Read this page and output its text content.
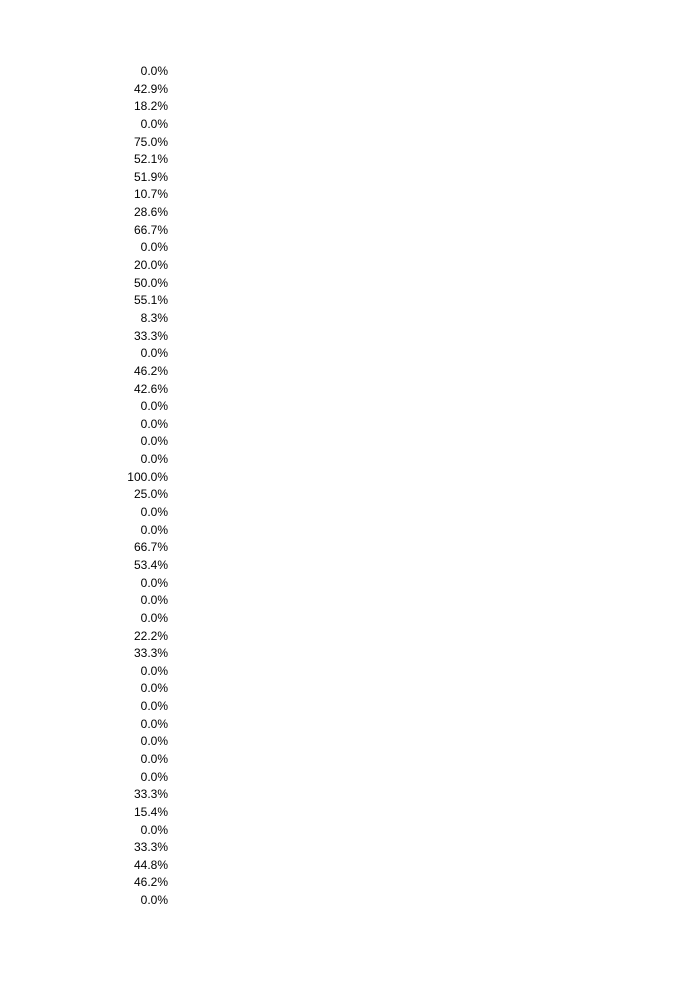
0.0%
42.9%
18.2%
0.0%
75.0%
52.1%
51.9%
10.7%
28.6%
66.7%
0.0%
20.0%
50.0%
55.1%
8.3%
33.3%
0.0%
46.2%
42.6%
0.0%
0.0%
0.0%
0.0%
100.0%
25.0%
0.0%
0.0%
66.7%
53.4%
0.0%
0.0%
0.0%
22.2%
33.3%
0.0%
0.0%
0.0%
0.0%
0.0%
0.0%
0.0%
33.3%
15.4%
0.0%
33.3%
44.8%
46.2%
0.0%
